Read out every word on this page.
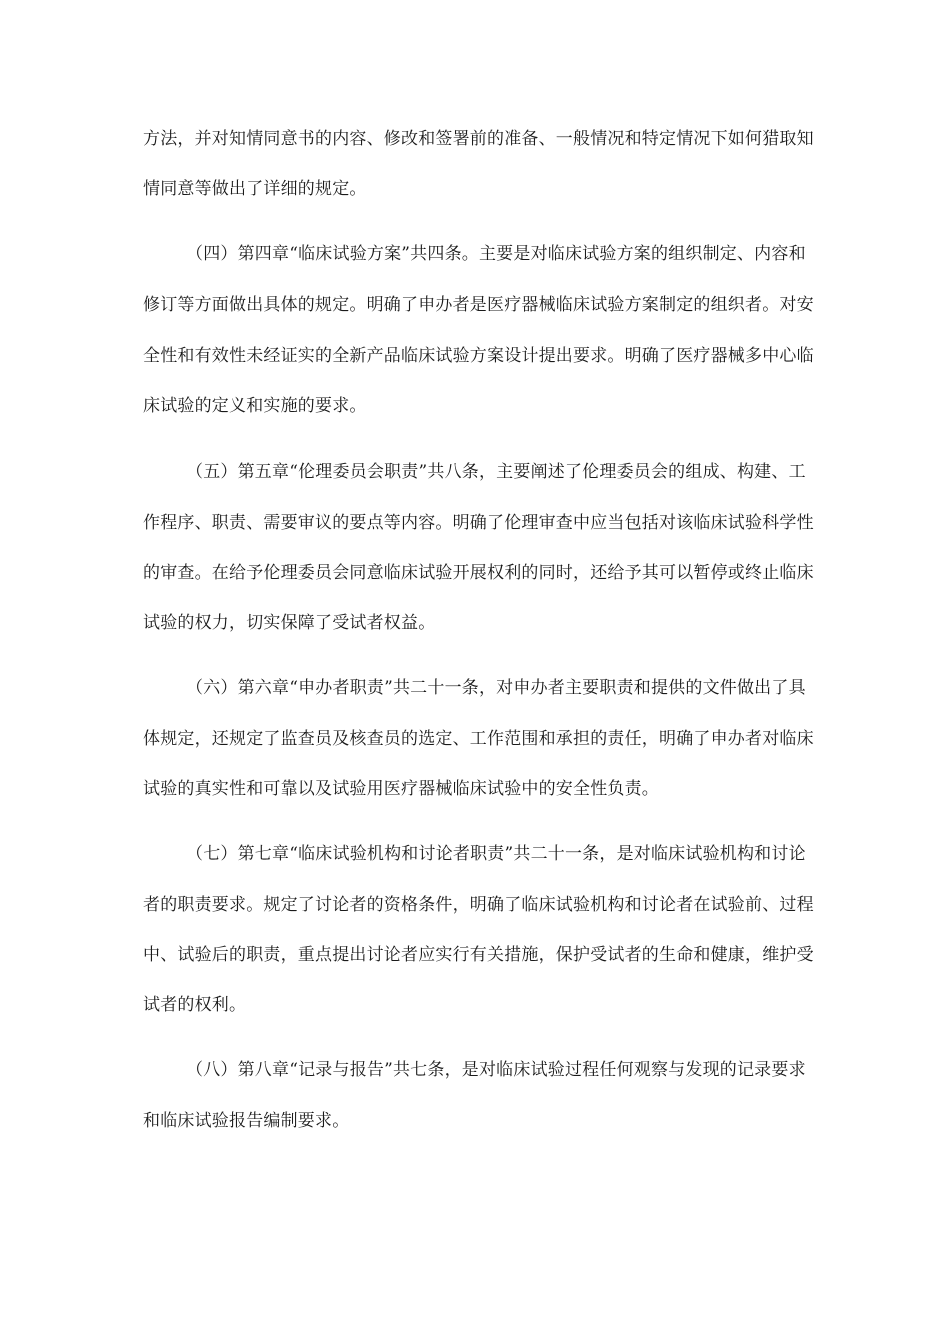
方法，并对知情同意书的内容、修改和签署前的准备、一般情况和特定情况下如何猎取知
情同意等做出了详细的规定。
（四）第四章“临床试验方案”共四条。主要是对临床试验方案的组织制定、内容和
修订等方面做出具体的规定。明确了申办者是医疗器械临床试验方案制定的组织者。对安
全性和有效性未经证实的全新产品临床试验方案设计提出要求。明确了医疗器械多中心临
床试验的定义和实施的要求。
（五）第五章“伦理委员会职责”共八条，主要阐述了伦理委员会的组成、构建、工
作程序、职责、需要审议的要点等内容。明确了伦理审查中应当包括对该临床试验科学性
的审查。在给予伦理委员会同意临床试验开展权利的同时，还给予其可以暂停或终止临床
试验的权力，切实保障了受试者权益。
（六）第六章“申办者职责”共二十一条，对申办者主要职责和提供的文件做出了具
体规定，还规定了监查员及核查员的选定、工作范围和承担的责任，明确了申办者对临床
试验的真实性和可靠以及试验用医疗器械临床试验中的安全性负责。
（七）第七章“临床试验机构和讨论者职责”共二十一条，是对临床试验机构和讨论
者的职责要求。规定了讨论者的资格条件，明确了临床试验机构和讨论者在试验前、过程
中、试验后的职责，重点提出讨论者应实行有关措施，保护受试者的生命和健康，维护受
试者的权利。
（八）第八章“记录与报告”共七条，是对临床试验过程任何观察与发现的记录要求
和临床试验报告编制要求。
